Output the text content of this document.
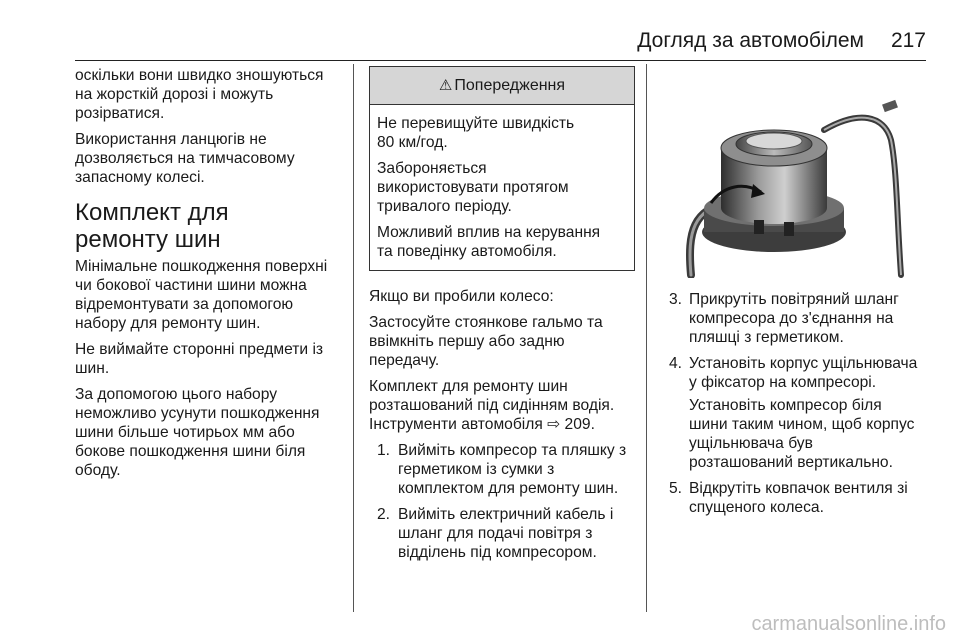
Догляд за автомобілем 217

оскільки вони швидко зношуються
на жорсткій дорозі і можуть
розірватися.

Використання ланцюгів не
дозволяється на тимчасовому
запасному колесі.

Комплект для ремонту шин

Мінімальне пошкодження поверхні
чи бокової частини шини можна
відремонтувати за допомогою
набору для ремонту шин.

Не виймайте сторонні предмети із
шин.

За допомогою цього набору
неможливо усунути пошкодження
шини більше чотирьох мм або
бокове пошкодження шини біля
ободу.

⚠ Попередження

Не перевищуйте швидкість
80 км/год.

Забороняється
використовувати протягом
тривалого періоду.

Можливий вплив на керування
та поведінку автомобіля.

Якщо ви пробили колесо:

Застосуйте стоянкове гальмо та
ввімкніть першу або задню
передачу.

Комплект для ремонту шин
розташований під сидінням водія.
Інструменти автомобіля ⇨ 209.

1. Вийміть компресор та пляшку з
герметиком із сумки з
комплектом для ремонту шин.
2. Вийміть електричний кабель і
шланг для подачі повітря з
відділень під компресором.
3. Прикрутіть повітряний шланг
компресора до з'єднання на
пляшці з герметиком.
4. Установіть корпус ущільнювача
у фіксатор на компресорі.

Установіть компресор біля
шини таким чином, щоб корпус
ущільнювача був
розташований вертикально.

5. Відкрутіть ковпачок вентиля зі
спущеного колеса.
carmanualsonline.info
